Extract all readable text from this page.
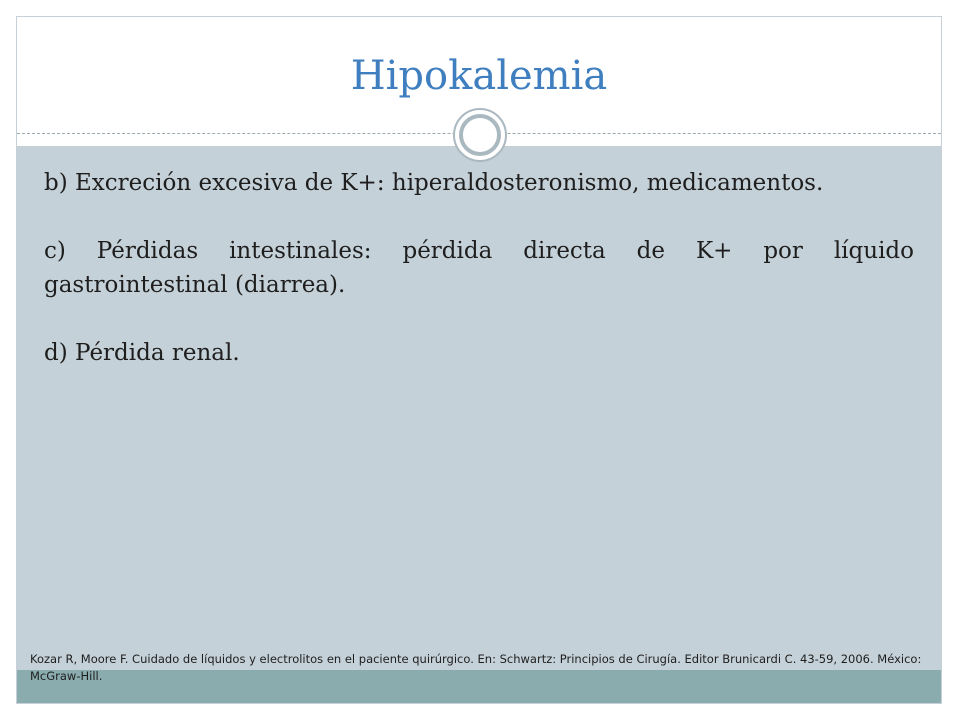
Hipokalemia

b) Excreción excesiva de K+: hiperaldosteronismo, medicamentos.

c) Pérdidas intestinales: pérdida directa de K+ por líquido gastrointestinal (diarrea).

d) Pérdida renal.

Kozar R, Moore F. Cuidado de líquidos y electrolitos en el paciente quirúrgico. En: Schwartz: Principios de Cirugía. Editor Brunicardi C. 43-59, 2006. México: McGraw-Hill.
